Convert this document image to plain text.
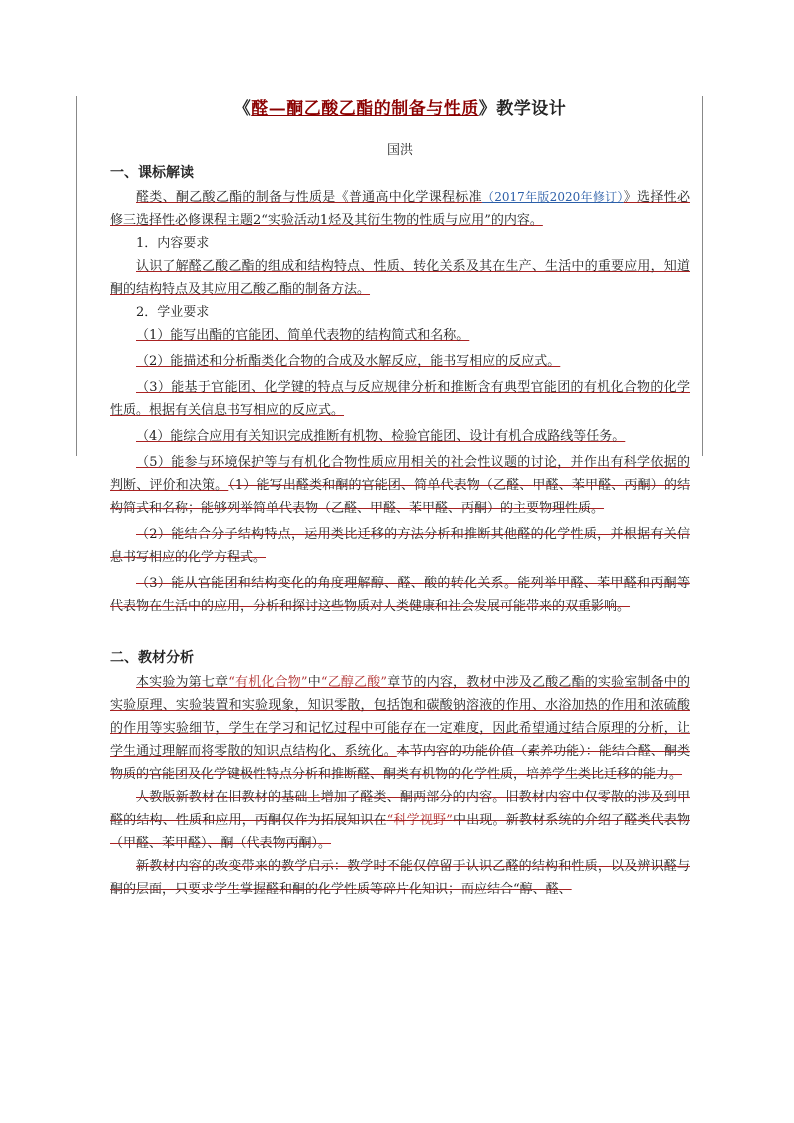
《醛—酮乙酸乙酯的制备与性质》教学设计
国洪
一、课标解读

醛类、酮乙酸乙酯的制备与性质是《普通高中化学课程标准（2017年版2020年修订）》选择性必修三选择性必修课程主题2“实验活动1烃及其衍生物的性质与应用”的内容。

1．内容要求

认识了解醛乙酸乙酯的组成和结构特点、性质、转化关系及其在生产、生活中的重要应用，知道酮的结构特点及其应用乙酸乙酯的制备方法。

2．学业要求

（1）能写出酯的官能团、简单代表物的结构简式和名称。

（2）能描述和分析酯类化合物的合成及水解反应，能书写相应的反应式。

（3）能基于官能团、化学键的特点与反应规律分析和推断含有典型官能团的有机化合物的化学性质。根据有关信息书写相应的反应式。

（4）能综合应用有关知识完成推断有机物、检验官能团、设计有机合成路线等任务。

（5）能参与环境保护等与有机化合物性质应用相关的社会性议题的讨论，并作出有科学依据的判断、评价和决策。（1）能写出醛类和酮的官能团、简单代表物（乙醛、甲醛、苯甲醛、丙酮）的结构简式和名称；能够列举简单代表物（乙醛、甲醛、苯甲醛、丙酮）的主要物理性质。

（2）能结合分子结构特点，运用类比迁移的方法分析和推断其他醛的化学性质，并根据有关信息书写相应的化学方程式。

（3）能从官能团和结构变化的角度理解醇、醛、酸的转化关系。能列举甲醛、苯甲醛和丙酮等代表物在生活中的应用，分析和探讨这些物质对人类健康和社会发展可能带来的双重影响。

二、教材分析

本实验为第七章“有机化合物”中“乙醇乙酸”章节的内容，教材中涉及乙酸乙酯的实验室制备中的实验原理、实验装置和实验现象，知识零散，包括饱和碳酸钠溶液的作用、水浴加热的作用和浓硫酸的作用等实验细节，学生在学习和记忆过程中可能存在一定难度，因此希望通过结合原理的分析，让学生通过理解而将零散的知识点结构化、系统化。本节内容的功能价值（素养功能）：能结合醛、酮类物质的官能团及化学键极性特点分析和推断醛、酮类有机物的化学性质，培养学生类比迁移的能力。

人教版新教材在旧教材的基础上增加了醛类、酮两部分的内容。旧教材内容中仅零散的涉及到甲醛的结构、性质和应用，丙酮仅作为拓展知识在“科学视野”中出现。新教材系统的介绍了醛类代表物（甲醛、苯甲醛）、酮（代表物丙酮）。

新教材内容的改变带来的教学启示：教学时不能仅停留于认识乙醛的结构和性质，以及辨识醛与酮的层面，只要求学生掌握醛和酮的化学性质等碎片化知识；而应结合“醇、醛、
